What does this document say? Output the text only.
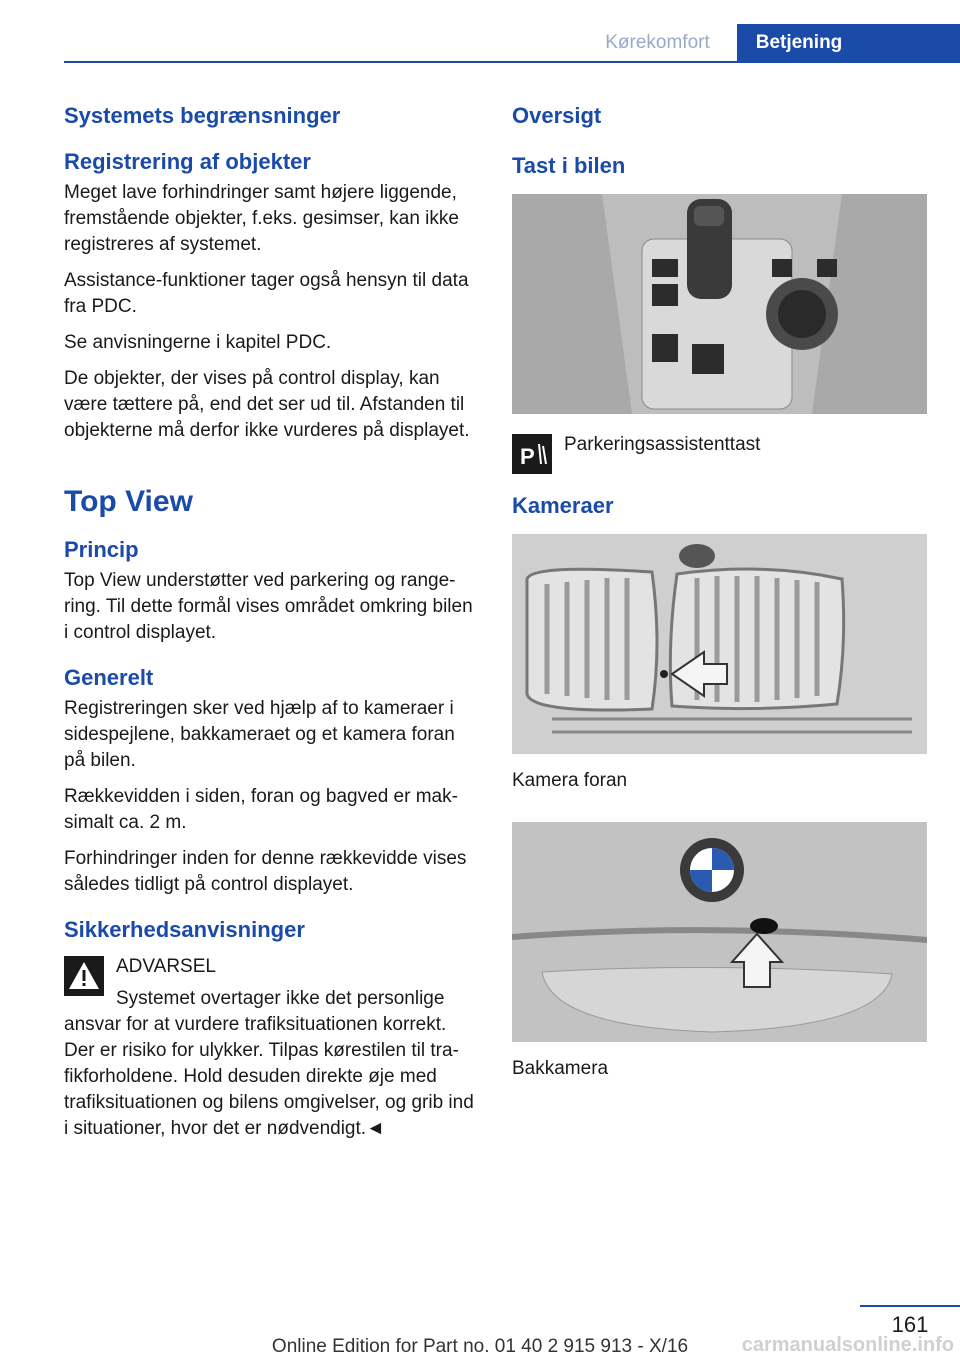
Kørekomfort	Betjening
Systemets begrænsninger
Registrering af objekter

Meget lave forhindringer samt højere liggende, fremstående objekter, f.eks. gesimser, kan ikke registreres af systemet.

Assistance-funktioner tager også hensyn til data fra PDC.

Se anvisningerne i kapitel PDC.

De objekter, der vises på control display, kan være tættere på, end det ser ud til. Afstanden til objekterne må derfor ikke vurderes på displayet.

Top View
Princip

Top View understøtter ved parkering og rangering. Til dette formål vises området omkring bilen i control displayet.

Generelt

Registreringen sker ved hjælp af to kameraer i sidespejlene, bakkameraet og et kamera foran på bilen.

Rækkevidden i siden, foran og bagved er maksimalt ca. 2 m.

Forhindringer inden for denne rækkevidde vises således tidligt på control displayet.

Sikkerhedsanvisninger

ADVARSEL

Systemet overtager ikke det personlige

ansvar for at vurdere trafiksituationen korrekt. Der er risiko for ulykker. Tilpas kørestilen til trafikforholdene. Hold desuden direkte øje med trafiksituationen og bilens omgivelser, og grib ind i situationer, hvor det er nødvendigt.◄

Oversigt
Tast i bilen
P Parkeringsassistenttast

Kameraer

Kamera foran

Bakkamera

161
Online Edition for Part no. 01 40 2 915 913 - X/16	carmanualsonline.info
